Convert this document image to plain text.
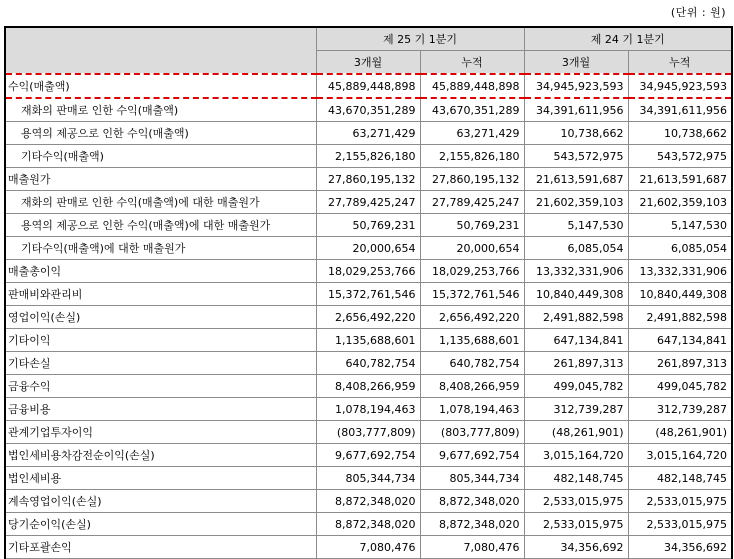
(단위 : 원)
	제 25 기 1분기		제 24 기 1분기	
	3개월	누적	3개월	누적
수익(매출액)	45,889,448,898	45,889,448,898	34,945,923,593	34,945,923,593
재화의 판매로 인한 수익(매출액)	43,670,351,289	43,670,351,289	34,391,611,956	34,391,611,956
용역의 제공으로 인한 수익(매출액)	63,271,429	63,271,429	10,738,662	10,738,662
기타수익(매출액)	2,155,826,180	2,155,826,180	543,572,975	543,572,975
매출원가	27,860,195,132	27,860,195,132	21,613,591,687	21,613,591,687
재화의 판매로 인한 수익(매출액)에 대한 매출원가	27,789,425,247	27,789,425,247	21,602,359,103	21,602,359,103
용역의 제공으로 인한 수익(매출액)에 대한 매출원가	50,769,231	50,769,231	5,147,530	5,147,530
기타수익(매출액)에 대한 매출원가	20,000,654	20,000,654	6,085,054	6,085,054
매출총이익	18,029,253,766	18,029,253,766	13,332,331,906	13,332,331,906
판매비와관리비	15,372,761,546	15,372,761,546	10,840,449,308	10,840,449,308
영업이익(손실)	2,656,492,220	2,656,492,220	2,491,882,598	2,491,882,598
기타이익	1,135,688,601	1,135,688,601	647,134,841	647,134,841
기타손실	640,782,754	640,782,754	261,897,313	261,897,313
금융수익	8,408,266,959	8,408,266,959	499,045,782	499,045,782
금융비용	1,078,194,463	1,078,194,463	312,739,287	312,739,287
관계기업투자이익	(803,777,809)	(803,777,809)	(48,261,901)	(48,261,901)
법인세비용차감전순이익(손실)	9,677,692,754	9,677,692,754	3,015,164,720	3,015,164,720
법인세비용	805,344,734	805,344,734	482,148,745	482,148,745
계속영업이익(손실)	8,872,348,020	8,872,348,020	2,533,015,975	2,533,015,975
당기순이익(손실)	8,872,348,020	8,872,348,020	2,533,015,975	2,533,015,975
기타포괄손익	7,080,476	7,080,476	34,356,692	34,356,692
